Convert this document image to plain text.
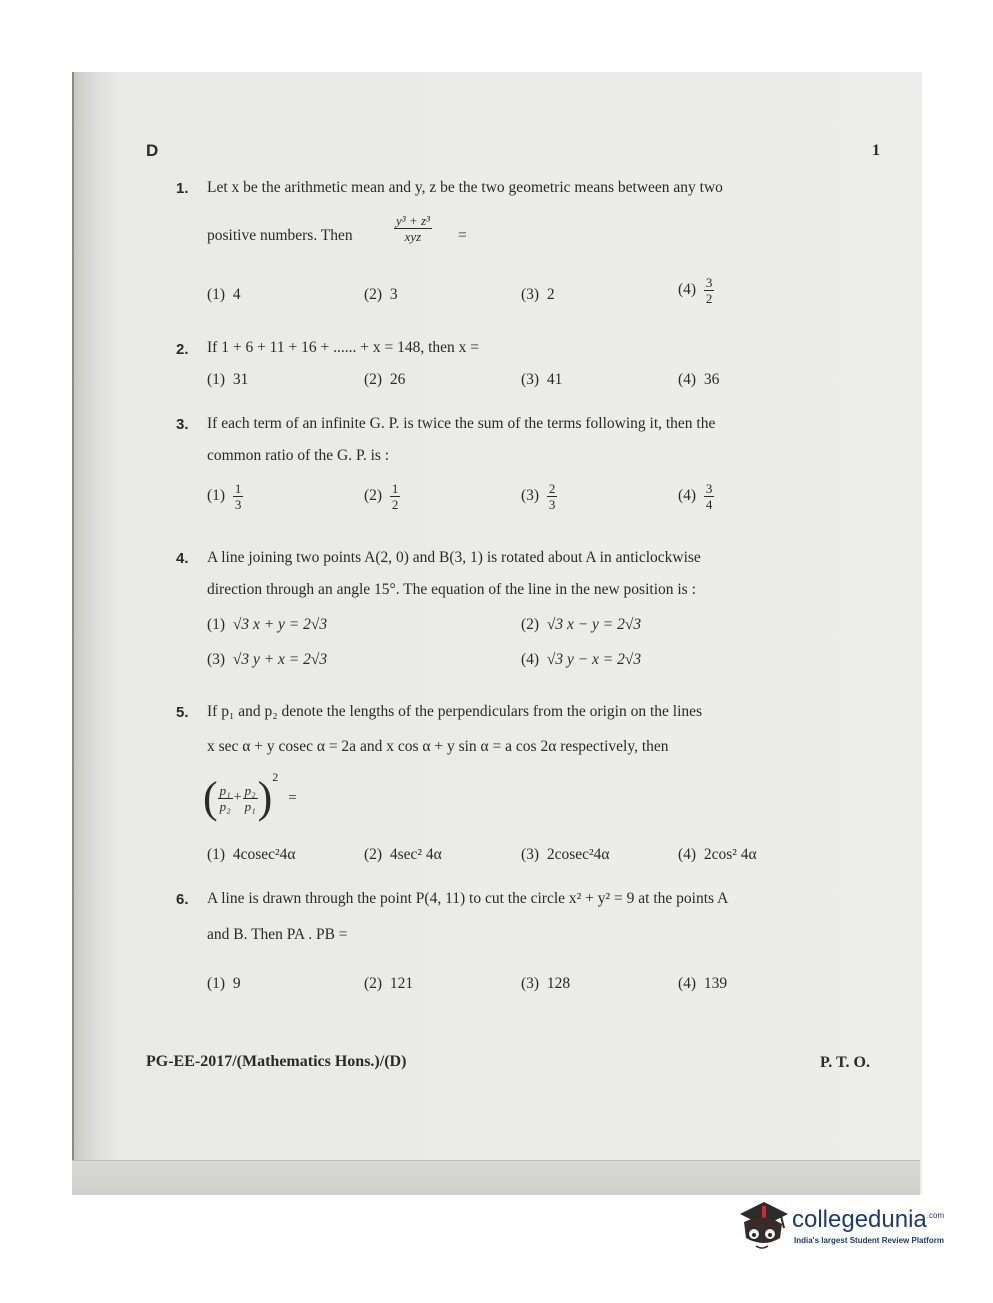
D	1
1. Let x be the arithmetic mean and y, z be the two geometric means between any two
positive numbers. Then	$\frac{\text{y³ + z³}}{\text{xyz}}$ =
(1) 4	(2) 3	(3) 2	$(4) \frac{3}{2}$
2. If 1 + 6 + 11 + 16 + ...... + x = 148, then x =
(1) 31	(2) 26	(3) 41	(4) 36
3. If each term of an infinite G. P. is twice the sum of the terms following it, then the
common ratio of the G. P. is :
$(1) \frac{1}{3}$	$(2) \frac{1}{2}$	$(3) \frac{2}{3}$	$(4) \frac{3}{4}$
4. A line joining two points A(2, 0) and B(3, 1) is rotated about A in anticlockwise
direction through an angle 15°. The equation of the line in the new position is :
(1) √3 x + y = 2√3	(2) √3 x − y = 2√3
(3) √3 y + x = 2√3	(4) √3 y − x = 2√3
5. If p₁ and p₂ denote the lengths of the perpendiculars from the origin on the lines
x sec α + y cosec α = 2a and x cos α + y sin α = a cos 2α respectively, then
( $\frac{\text{p₁}}{\text{p₂}} + \frac{\text{p₂}}{\text{p₁}}$ ) 2
=
(1) 4cosec²4α	(2) 4sec² 4α	(3) 2cosec²4α	(4) 2cos² 4α
6. A line is drawn through the point P(4, 11) to cut the circle x² + y² = 9 at the points A
and B. Then PA . PB =
(1) 9	(2) 121	(3) 128	(4) 139
PG-EE-2017/(Mathematics Hons.)/(D)	P. T. O.
collegedunia$^{.com}$
India's largest Student Review Platform
